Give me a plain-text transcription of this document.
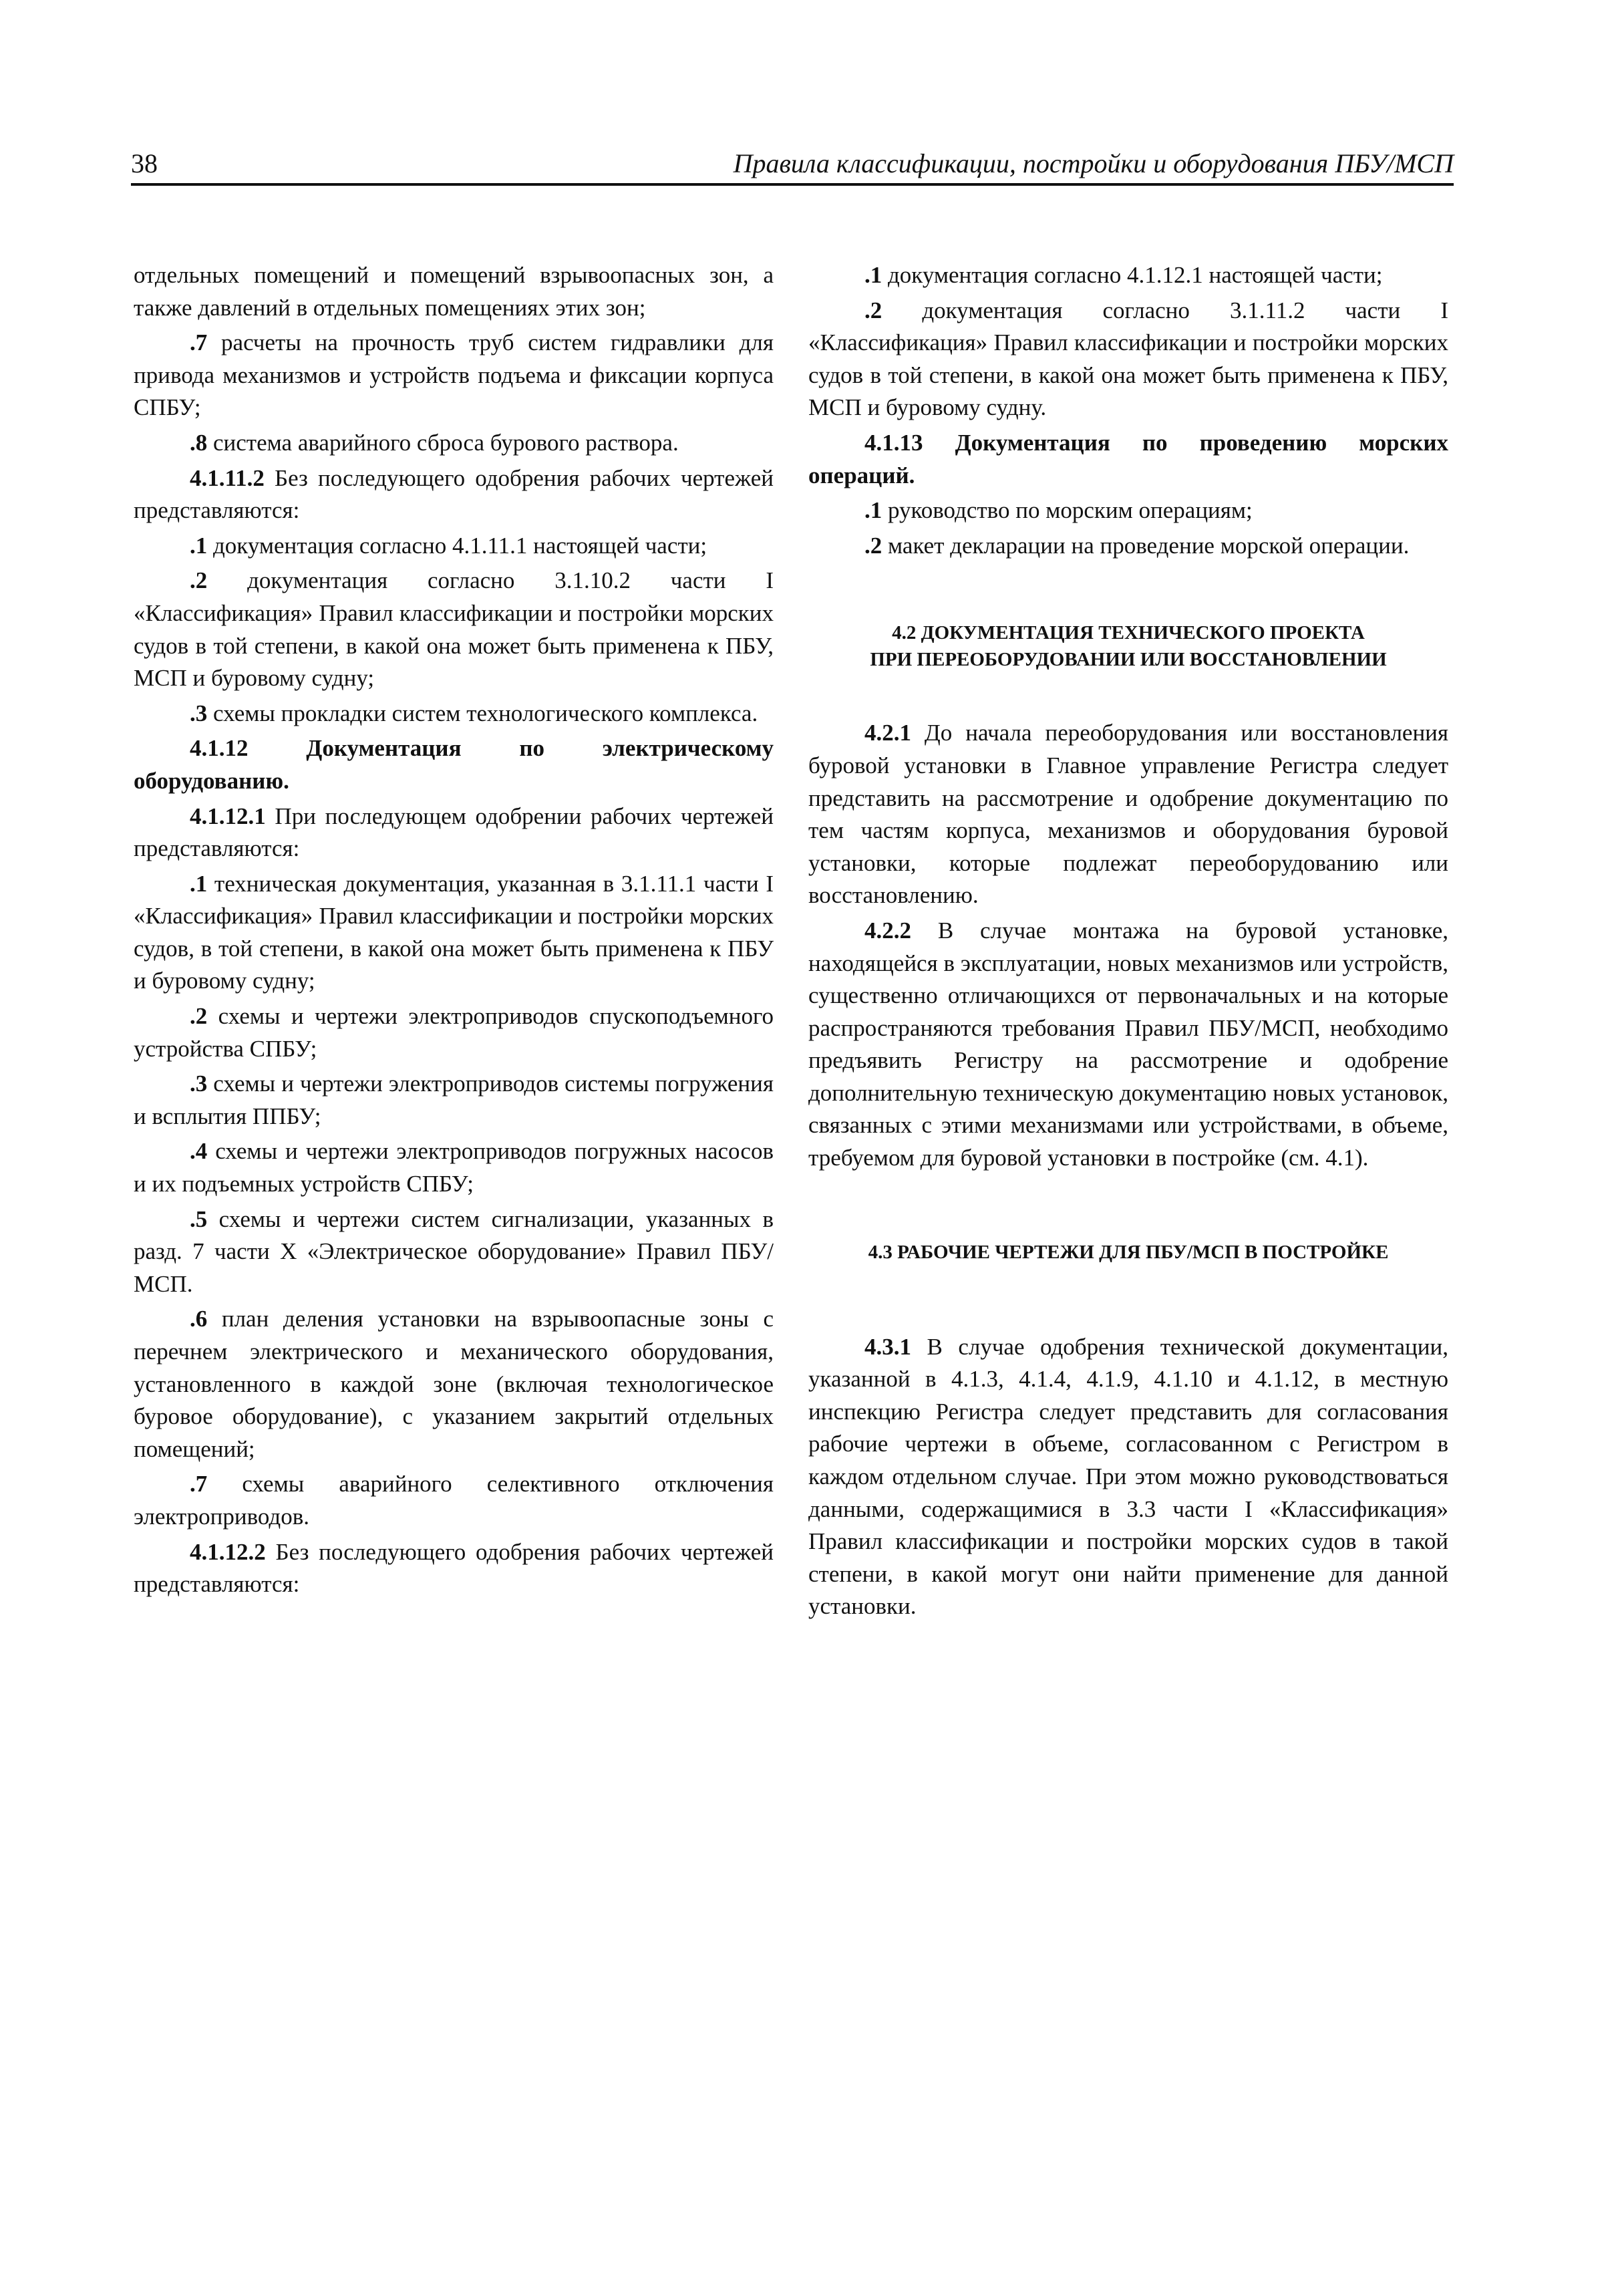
38	Правила классификации, постройки и оборудования ПБУ/МСП

отдельных помещений и помещений взрывоопасных зон, а также давлений в отдельных помещениях этих зон;

.7 расчеты на прочность труб систем гидравлики для привода механизмов и устройств подъема и фиксации корпуса СПБУ;

.8 система аварийного сброса бурового раствора.

4.1.11.2 Без последующего одобрения рабочих чертежей представляются:

.1 документация согласно 4.1.11.1 настоящей части;

.2 документация согласно 3.1.10.2 части I «Классификация» Правил классификации и постройки морских судов в той степени, в какой она может быть применена к ПБУ, МСП и буровому судну;

.3 схемы прокладки систем технологического комплекса.

4.1.12 Документация по электрическому оборудованию.

4.1.12.1 При последующем одобрении рабочих чертежей представляются:

.1 техническая документация, указанная в 3.1.11.1 части I «Классификация» Правил классификации и постройки морских судов, в той степени, в какой она может быть применена к ПБУ и буровому судну;

.2 схемы и чертежи электроприводов спускоподъемного устройства СПБУ;

.3 схемы и чертежи электроприводов системы погружения и всплытия ППБУ;

.4 схемы и чертежи электроприводов погружных насосов и их подъемных устройств СПБУ;

.5 схемы и чертежи систем сигнализации, указанных в разд. 7 части X «Электрическое оборудование» Правил ПБУ/МСП.

.6 план деления установки на взрывоопасные зоны с перечнем электрического и механического оборудования, установленного в каждой зоне (включая технологическое буровое оборудование), с указанием закрытий отдельных помещений;

.7 схемы аварийного селективного отключения электроприводов.

4.1.12.2 Без последующего одобрения рабочих чертежей представляются:

.1 документация согласно 4.1.12.1 настоящей части;

.2 документация согласно 3.1.11.2 части I «Классификация» Правил классификации и постройки морских судов в той степени, в какой она может быть применена к ПБУ, МСП и буровому судну.

4.1.13 Документация по проведению морских операций.

.1 руководство по морским операциям;

.2 макет декларации на проведение морской операции.

4.2 ДОКУМЕНТАЦИЯ ТЕХНИЧЕСКОГО ПРОЕКТА
ПРИ ПЕРЕОБОРУДОВАНИИ ИЛИ ВОССТАНОВЛЕНИИ

4.2.1 До начала переоборудования или восстановления буровой установки в Главное управление Регистра следует представить на рассмотрение и одобрение документацию по тем частям корпуса, механизмов и оборудования буровой установки, которые подлежат переоборудованию или восстановлению.

4.2.2 В случае монтажа на буровой установке, находящейся в эксплуатации, новых механизмов или устройств, существенно отличающихся от первоначальных и на которые распространяются требования Правил ПБУ/МСП, необходимо предъявить Регистру на рассмотрение и одобрение дополнительную техническую документацию новых установок, связанных с этими механизмами или устройствами, в объеме, требуемом для буровой установки в постройке (см. 4.1).

4.3 РАБОЧИЕ ЧЕРТЕЖИ ДЛЯ ПБУ/МСП В ПОСТРОЙКЕ

4.3.1 В случае одобрения технической документации, указанной в 4.1.3, 4.1.4, 4.1.9, 4.1.10 и 4.1.12, в местную инспекцию Регистра следует представить для согласования рабочие чертежи в объеме, согласованном с Регистром в каждом отдельном случае. При этом можно руководствоваться данными, содержащимися в 3.3 части I «Классификация» Правил классификации и постройки морских судов в такой степени, в какой могут они найти применение для данной установки.
